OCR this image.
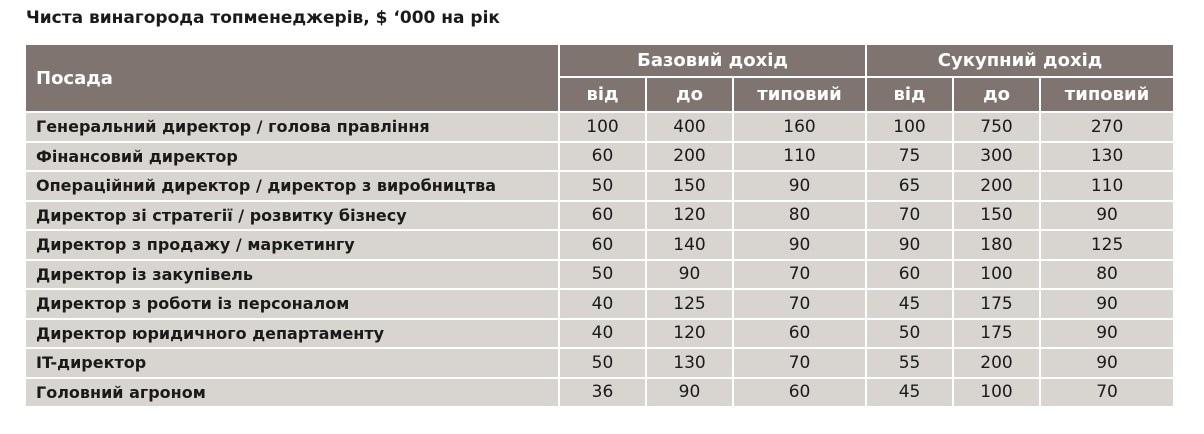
Чиста винагорода топменеджерів, $ ‘000 на рік
Посада	Базовий дохід			Сукупний дохід		
	від	до	типовий	від	до	типовий
Генеральний директор / голова правління	100	400	160	100	750	270
Фінансовий директор	60	200	110	75	300	130
Операційний директор / директор з виробництва	50	150	90	65	200	110
Директор зі стратегії / розвитку бізнесу	60	120	80	70	150	90
Директор з продажу / маркетингу	60	140	90	90	180	125
Директор із закупівель	50	90	70	60	100	80
Директор з роботи із персоналом	40	125	70	45	175	90
Директор юридичного департаменту	40	120	60	50	175	90
IT-директор	50	130	70	55	200	90
Головний агроном	36	90	60	45	100	70
